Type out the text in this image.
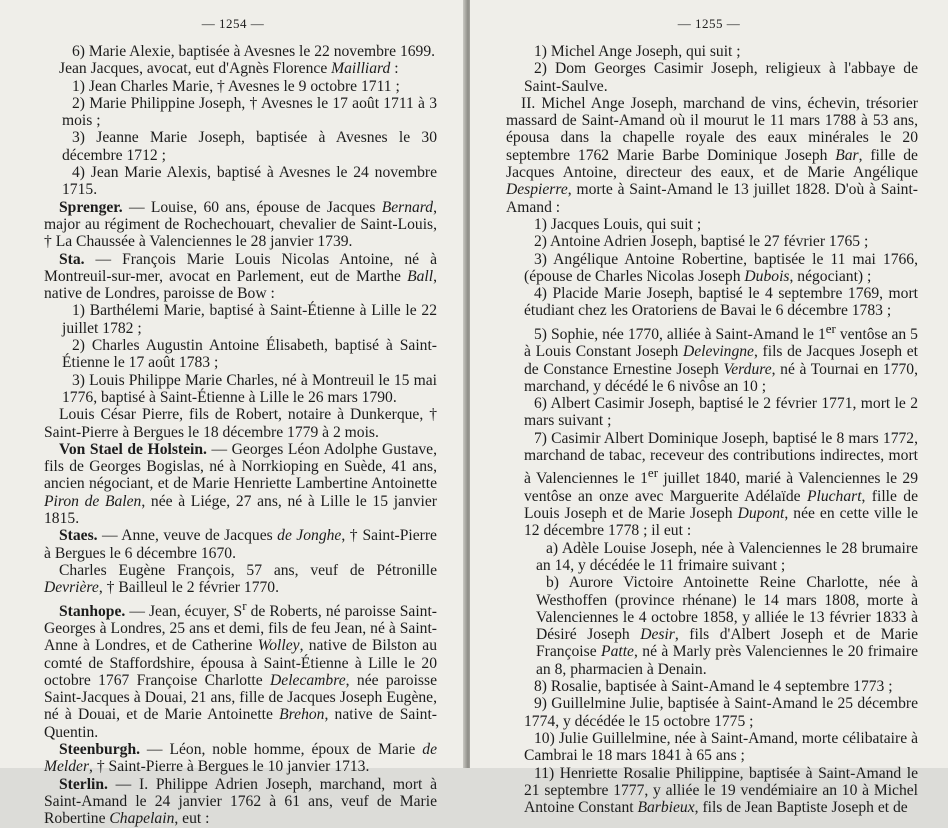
— 1254 —

6) Marie Alexie, baptisée à Avesnes le 22 novembre 1699.

Jean Jacques, avocat, eut d'Agnès Florence Mailliard :

1) Jean Charles Marie, † Avesnes le 9 octobre 1711 ;

2) Marie Philippine Joseph, † Avesnes le 17 août 1711 à 3 mois ;

3) Jeanne Marie Joseph, baptisée à Avesnes le 30 décembre 1712 ;

4) Jean Marie Alexis, baptisé à Avesnes le 24 novembre 1715.

Sprenger. — Louise, 60 ans, épouse de Jacques Bernard, major au régiment de Rochechouart, chevalier de Saint-Louis, † La Chaussée à Valenciennes le 28 janvier 1739.

Sta. — François Marie Louis Nicolas Antoine, né à Montreuil-sur-mer, avocat en Parlement, eut de Marthe Ball, native de Londres, paroisse de Bow :

1) Barthélemi Marie, baptisé à Saint-Étienne à Lille le 22 juillet 1782 ;

2) Charles Augustin Antoine Élisabeth, baptisé à Saint-Étienne le 17 août 1783 ;

3) Louis Philippe Marie Charles, né à Montreuil le 15 mai 1776, baptisé à Saint-Étienne à Lille le 26 mars 1790.

Louis César Pierre, fils de Robert, notaire à Dunkerque, † Saint-Pierre à Bergues le 18 décembre 1779 à 2 mois.

Von Stael de Holstein. — Georges Léon Adolphe Gustave, fils de Georges Bogislas, né à Norrkioping en Suède, 41 ans, ancien négociant, et de Marie Henriette Lambertine Antoinette Piron de Balen, née à Liége, 27 ans, né à Lille le 15 janvier 1815.

Staes. — Anne, veuve de Jacques de Jonghe, † Saint-Pierre à Bergues le 6 décembre 1670.

Charles Eugène François, 57 ans, veuf de Pétronille Devrière, † Bailleul le 2 février 1770.

Stanhope. — Jean, écuyer, $S^r$ de Roberts, né paroisse Saint-Georges à Londres, 25 ans et demi, fils de feu Jean, né à Saint-Anne à Londres, et de Catherine Wolley, native de Bilston au comté de Staffordshire, épousa à Saint-Étienne à Lille le 20 octobre 1767 Françoise Charlotte Delecambre, née paroisse Saint-Jacques à Douai, 21 ans, fille de Jacques Joseph Eugène, né à Douai, et de Marie Antoinette Brehon, native de Saint-Quentin.

Steenburgh. — Léon, noble homme, époux de Marie de Melder, † Saint-Pierre à Bergues le 10 janvier 1713.

Sterlin. — I. Philippe Adrien Joseph, marchand, mort à Saint-Amand le 24 janvier 1762 à 61 ans, veuf de Marie Robertine Chapelain, eut :

— 1255 —

1) Michel Ange Joseph, qui suit ;

2) Dom Georges Casimir Joseph, religieux à l'abbaye de Saint-Saulve.

II. Michel Ange Joseph, marchand de vins, échevin, trésorier massard de Saint-Amand où il mourut le 11 mars 1788 à 53 ans, épousa dans la chapelle royale des eaux minérales le 20 septembre 1762 Marie Barbe Dominique Joseph Bar, fille de Jacques Antoine, directeur des eaux, et de Marie Angélique Despierre, morte à Saint-Amand le 13 juillet 1828. D'où à Saint-Amand :

1) Jacques Louis, qui suit ;

2) Antoine Adrien Joseph, baptisé le 27 février 1765 ;

3) Angélique Antoine Robertine, baptisée le 11 mai 1766, (épouse de Charles Nicolas Joseph Dubois, négociant) ;

4) Placide Marie Joseph, baptisé le 4 septembre 1769, mort étudiant chez les Oratoriens de Bavai le 6 décembre 1783 ;

5) Sophie, née 1770, alliée à Saint-Amand le 1er ventôse an 5 à Louis Constant Joseph Delevingne, fils de Jacques Joseph et de Constance Ernestine Joseph Verdure, né à Tournai en 1770, marchand, y décédé le 6 nivôse an 10 ;

6) Albert Casimir Joseph, baptisé le 2 février 1771, mort le 2 mars suivant ;

7) Casimir Albert Dominique Joseph, baptisé le 8 mars 1772, marchand de tabac, receveur des contributions indirectes, mort à Valenciennes le 1er juillet 1840, marié à Valenciennes le 29 ventôse an onze avec Marguerite Adélaïde Pluchart, fille de Louis Joseph et de Marie Joseph Dupont, née en cette ville le 12 décembre 1778 ; il eut :

a) Adèle Louise Joseph, née à Valenciennes le 28 brumaire an 14, y décédée le 11 frimaire suivant ;

b) Aurore Victoire Antoinette Reine Charlotte, née à Westhoffen (province rhénane) le 14 mars 1808, morte à Valenciennes le 4 octobre 1858, y alliée le 13 février 1833 à Désiré Joseph Desir, fils d'Albert Joseph et de Marie Françoise Patte, né à Marly près Valenciennes le 20 frimaire an 8, pharmacien à Denain.

8) Rosalie, baptisée à Saint-Amand le 4 septembre 1773 ;

9) Guillelmine Julie, baptisée à Saint-Amand le 25 décembre 1774, y décédée le 15 octobre 1775 ;

10) Julie Guillelmine, née à Saint-Amand, morte célibataire à Cambrai le 18 mars 1841 à 65 ans ;

11) Henriette Rosalie Philippine, baptisée à Saint-Amand le 21 septembre 1777, y alliée le 19 vendémiaire an 10 à Michel Antoine Constant Barbieux, fils de Jean Baptiste Joseph et de
